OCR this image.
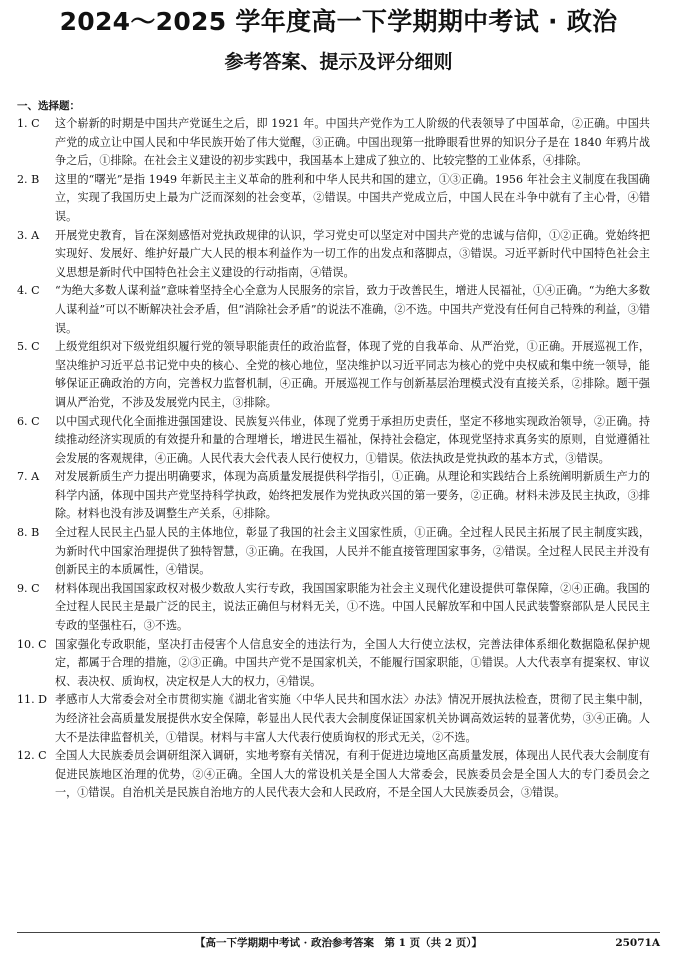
2024～2025 学年度高一下学期期中考试 · 政治
参考答案、提示及评分细则
一、选择题：
1. C	这个崭新的时期是中国共产党诞生之后，即 1921 年。中国共产党作为工人阶级的代表领导了中国革命，②正确。中国共产党的成立让中国人民和中华民族开始了伟大觉醒，③正确。中国出现第一批睁眼看世界的知识分子是在 1840 年鸦片战争之后，①排除。在社会主义建设的初步实践中，我国基本上建成了独立的、比较完整的工业体系，④排除。
2. B	这里的“曙光”是指 1949 年新民主主义革命的胜利和中华人民共和国的建立，①③正确。1956 年社会主义制度在我国确立，实现了我国历史上最为广泛而深刻的社会变革，②错误。中国共产党成立后，中国人民在斗争中就有了主心骨，④错误。
3. A	开展党史教育，旨在深刻感悟对党执政规律的认识，学习党史可以坚定对中国共产党的忠诚与信仰，①②正确。党始终把实现好、发展好、维护好最广大人民的根本利益作为一切工作的出发点和落脚点，③错误。习近平新时代中国特色社会主义思想是新时代中国特色社会主义建设的行动指南，④错误。
4. C	“为绝大多数人谋利益”意味着坚持全心全意为人民服务的宗旨，致力于改善民生，增进人民福祉，①④正确。“为绝大多数人谋利益”可以不断解决社会矛盾，但“消除社会矛盾”的说法不准确，②不选。中国共产党没有任何自己特殊的利益，③错误。
5. C	上级党组织对下级党组织履行党的领导职能责任的政治监督，体现了党的自我革命、从严治党，①正确。开展巡视工作，坚决维护习近平总书记党中央的核心、全党的核心地位，坚决维护以习近平同志为核心的党中央权威和集中统一领导，能够保证正确政治的方向，完善权力监督机制，④正确。开展巡视工作与创新基层治理模式没有直接关系，②排除。题干强调从严治党，不涉及发展党内民主，③排除。
6. C	以中国式现代化全面推进强国建设、民族复兴伟业，体现了党勇于承担历史责任，坚定不移地实现政治领导，②正确。持续推动经济实现质的有效提升和量的合理增长，增进民生福祉，保持社会稳定，体现党坚持求真务实的原则，自觉遵循社会发展的客观规律，④正确。人民代表大会代表人民行使权力，①错误。依法执政是党执政的基本方式，③错误。
7. A	对发展新质生产力提出明确要求，体现为高质量发展提供科学指引，①正确。从理论和实践结合上系统阐明新质生产力的科学内涵，体现中国共产党坚持科学执政，始终把发展作为党执政兴国的第一要务，②正确。材料未涉及民主执政，③排除。材料也没有涉及调整生产关系，④排除。
8. B	全过程人民民主凸显人民的主体地位，彰显了我国的社会主义国家性质，①正确。全过程人民民主拓展了民主制度实践，为新时代中国家治理提供了独特智慧，③正确。在我国，人民并不能直接管理国家事务，②错误。全过程人民民主并没有创新民主的本质属性，④错误。
9. C	材料体现出我国国家政权对极少数敌人实行专政，我国国家职能为社会主义现代化建设提供可靠保障，②④正确。我国的全过程人民民主是最广泛的民主，说法正确但与材料无关，①不选。中国人民解放军和中国人民武装警察部队是人民民主专政的坚强柱石，③不选。
10. C 国家强化专政职能，坚决打击侵害个人信息安全的违法行为，全国人大行使立法权，完善法律体系细化数据隐私保护规定，都属于合理的措施，②③正确。中国共产党不是国家机关，不能履行国家职能，①错误。人大代表享有提案权、审议权、表决权、质询权，决定权是人大的权力，④错误。
11. D 孝感市人大常委会对全市贯彻实施《湖北省实施〈中华人民共和国水法〉办法》情况开展执法检查，贯彻了民主集中制，为经济社会高质量发展提供水安全保障，彰显出人民代表大会制度保证国家机关协调高效运转的显著优势，③④正确。人大不是法律监督机关，①错误。材料与丰富人大代表行使质询权的形式无关，②不选。
12. C 全国人大民族委员会调研组深入调研，实地考察有关情况，有利于促进边境地区高质量发展，体现出人民代表大会制度有促进民族地区治理的优势，②④正确。全国人大的常设机关是全国人大常委会，民族委员会是全国人大的专门委员会之一，①错误。自治机关是民族自治地方的人民代表大会和人民政府，不是全国人大民族委员会，③错误。
【高一下学期期中考试 · 政治参考答案　第 1 页（共 2 页）】	25071A
